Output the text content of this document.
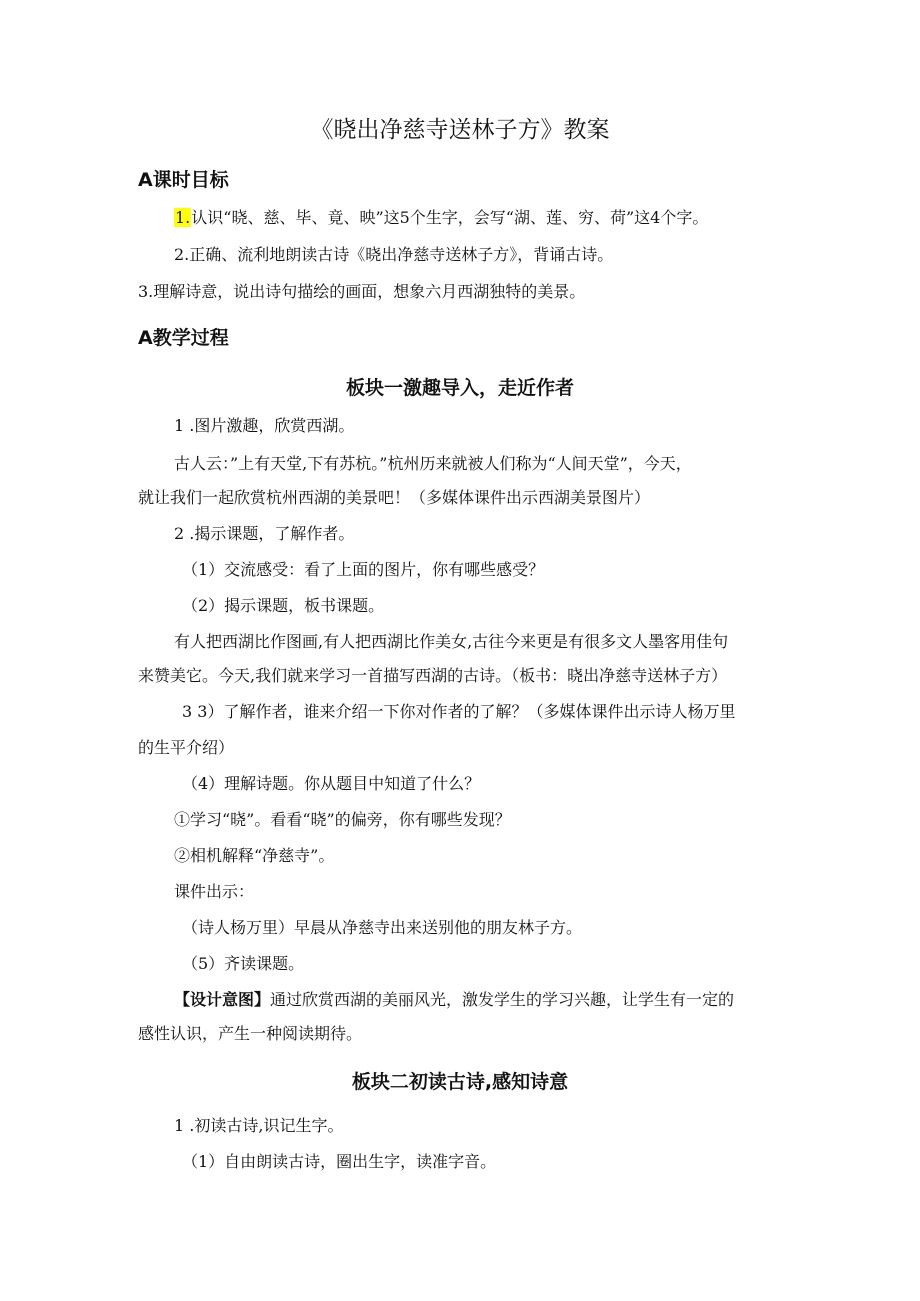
《晓出净慈寺送林子方》教案
A课时目标
1.认识“晓、慈、毕、竟、映”这5个生字，会写“湖、莲、穷、荷”这4个字。
2.正确、流利地朗读古诗《晓出净慈寺送林子方》，背诵古诗。
3.理解诗意，说出诗句描绘的画面，想象六月西湖独特的美景。
A教学过程
板块一激趣导入，走近作者
1 .图片激趣，欣赏西湖。
古人云：”上有天堂,下有苏杭。”杭州历来就被人们称为“人间天堂”，今天，
就让我们一起欣赏杭州西湖的美景吧！（多媒体课件出示西湖美景图片）
2 .揭示课题，了解作者。
（1）交流感受：看了上面的图片，你有哪些感受？
（2）揭示课题，板书课题。
有人把西湖比作图画,有人把西湖比作美女,古往今来更是有很多文人墨客用佳句
来赞美它。今天,我们就来学习一首描写西湖的古诗。（板书：晓出净慈寺送林子方）
3 3）了解作者，谁来介绍一下你对作者的了解？（多媒体课件出示诗人杨万里
的生平介绍）
（4）理解诗题。你从题目中知道了什么？
①学习“晓”。看看“晓”的偏旁，你有哪些发现？
②相机解释“净慈寺”。
课件出示：
（诗人杨万里）早晨从净慈寺出来送别他的朋友林子方。
（5）齐读课题。
【设计意图】通过欣赏西湖的美丽风光，激发学生的学习兴趣，让学生有一定的
感性认识，产生一种阅读期待。
板块二初读古诗,感知诗意
1 .初读古诗,识记生字。
（1）自由朗读古诗，圈出生字，读准字音。
